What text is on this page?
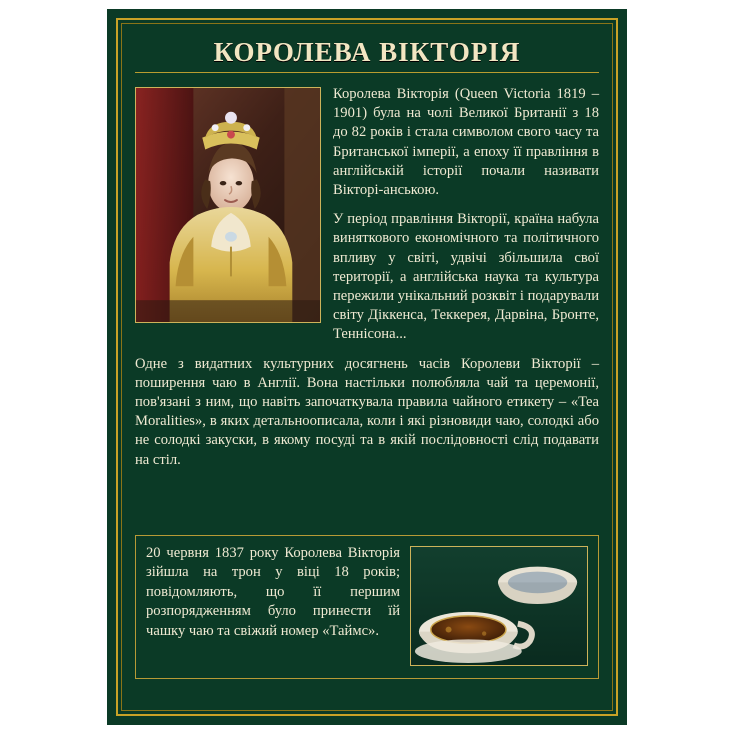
КОРОЛЕВА ВІКТОРІЯ

Королева Вікторія (Queen Victoria 1819 – 1901) була на чолі Великої Британії з 18 до 82 років і стала символом свого часу та Британської імперії, а епоху її правління в англійській історії почали називати Вікторі-анською.

У період правління Вікторії, країна набула виняткового економічного та політичного впливу у світі, удвічі збільшила свої території, а англійська наука та культура пережили унікальний розквіт і подарували світу Діккенса, Теккерея, Дарвіна, Бронте, Теннісона...

Одне з видатних культурних досягнень часів Королеви Вікторії – поширення чаю в Англії. Вона настільки полюбляла чай та церемонії, пов'язані з ним, що навіть започаткувала правила чайного етикету – «Tea Moralities», в яких детальноописала, коли і які різновиди чаю, солодкі або не солодкі закуски, в якому посуді та в якій послідовності слід подавати на стіл.

20 червня 1837 року Королева Вікторія зійшла на трон у віці 18 років; повідомляють, що її першим розпорядженням було принести їй чашку чаю та свіжий номер «Таймс».
